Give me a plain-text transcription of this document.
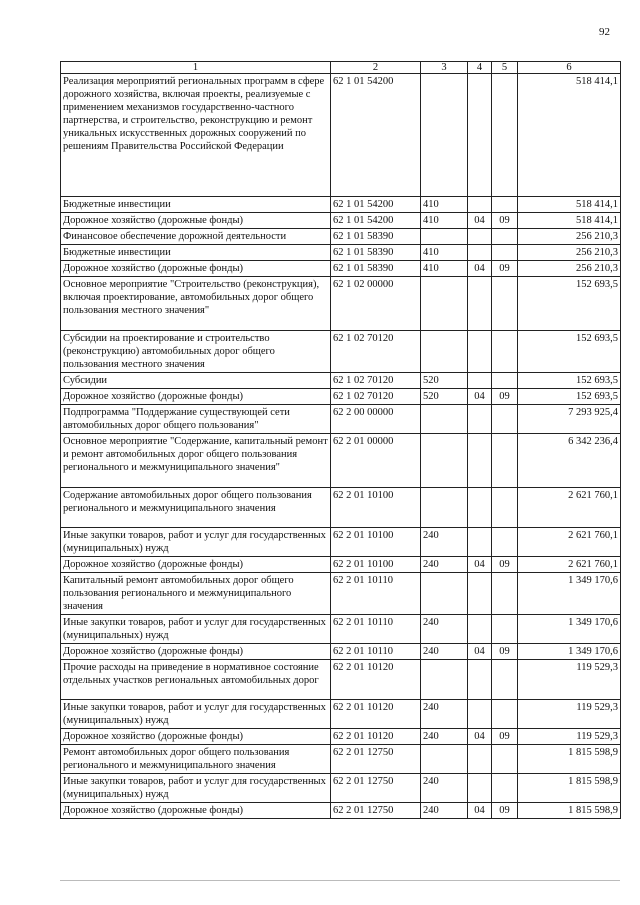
92
1	2	3	4	5	6
Реализация мероприятий региональных программ в сфере дорожного хозяйства, включая проекты, реализуемые с применением механизмов государственно-частного партнерства, и строительство, реконструкцию и ремонт уникальных искусственных дорожных сооружений по решениям Правительства Российской Федерации	62 1 01 54200				518 414,1
Бюджетные инвестиции	62 1 01 54200	410			518 414,1
Дорожное хозяйство (дорожные фонды)	62 1 01 54200	410	04	09	518 414,1
Финансовое обеспечение дорожной деятельности	62 1 01 58390				256 210,3
Бюджетные инвестиции	62 1 01 58390	410			256 210,3
Дорожное хозяйство (дорожные фонды)	62 1 01 58390	410	04	09	256 210,3
Основное мероприятие "Строительство (реконструкция), включая проектирование, автомобильных дорог общего пользования местного значения"	62 1 02 00000				152 693,5
Субсидии на проектирование и строительство (реконструкцию) автомобильных дорог общего пользования местного значения	62 1 02 70120				152 693,5
Субсидии	62 1 02 70120	520			152 693,5
Дорожное хозяйство (дорожные фонды)	62 1 02 70120	520	04	09	152 693,5
Подпрограмма "Поддержание существующей сети автомобильных дорог общего пользования"	62 2 00 00000				7 293 925,4
Основное мероприятие "Содержание, капитальный ремонт и ремонт автомобильных дорог общего пользования регионального и межмуниципального значения"	62 2 01 00000				6 342 236,4
Содержание автомобильных дорог общего пользования регионального и межмуниципального значения	62 2 01 10100				2 621 760,1
Иные закупки товаров, работ и услуг для государственных (муниципальных) нужд	62 2 01 10100	240			2 621 760,1
Дорожное хозяйство (дорожные фонды)	62 2 01 10100	240	04	09	2 621 760,1
Капитальный ремонт автомобильных дорог общего пользования регионального и межмуниципального значения	62 2 01 10110				1 349 170,6
Иные закупки товаров, работ и услуг для государственных (муниципальных) нужд	62 2 01 10110	240			1 349 170,6
Дорожное хозяйство (дорожные фонды)	62 2 01 10110	240	04	09	1 349 170,6
Прочие расходы на приведение в нормативное состояние отдельных участков региональных автомобильных дорог	62 2 01 10120				119 529,3
Иные закупки товаров, работ и услуг для государственных (муниципальных) нужд	62 2 01 10120	240			119 529,3
Дорожное хозяйство (дорожные фонды)	62 2 01 10120	240	04	09	119 529,3
Ремонт автомобильных дорог общего пользования регионального и межмуниципального значения	62 2 01 12750				1 815 598,9
Иные закупки товаров, работ и услуг для государственных (муниципальных) нужд	62 2 01 12750	240			1 815 598,9
Дорожное хозяйство (дорожные фонды)	62 2 01 12750	240	04	09	1 815 598,9
